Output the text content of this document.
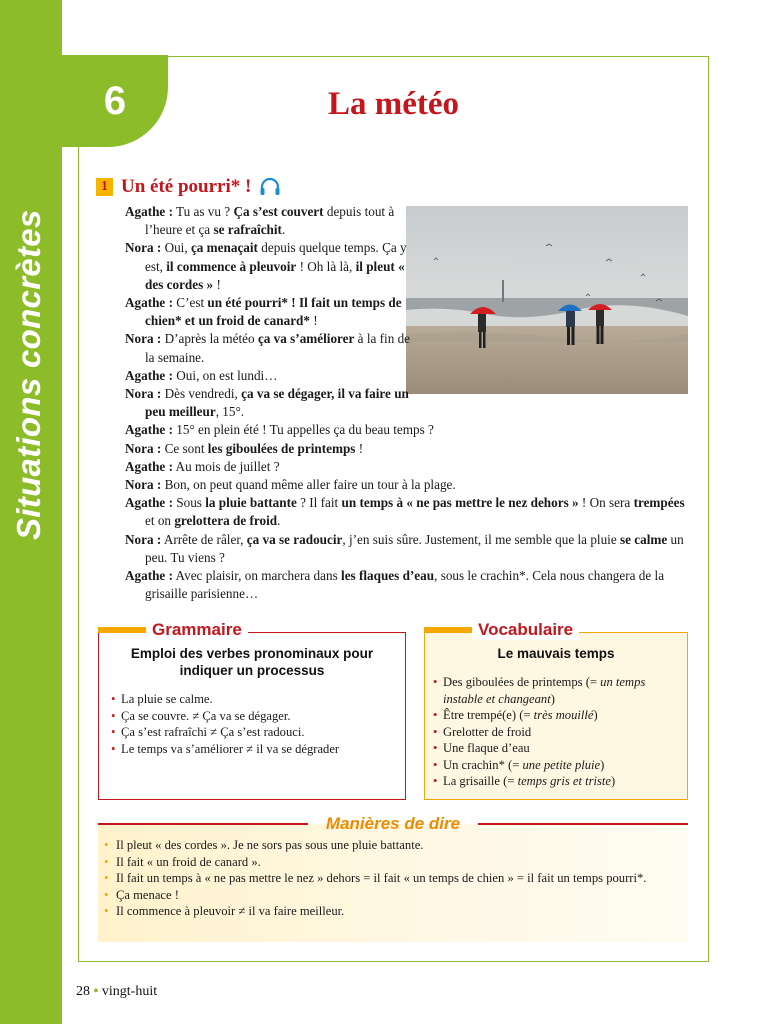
Situations concrètes
6	La météo
1 Un été pourri* !

Agathe : Tu as vu ? Ça s’est couvert depuis tout à l’heure et ça se rafraîchit.

Nora : Oui, ça menaçait depuis quelque temps. Ça y est, il commence à pleuvoir ! Oh là là, il pleut « des cordes » !

Agathe : C’est un été pourri* ! Il fait un temps de chien* et un froid de canard* !

Nora : D’après la météo ça va s’améliorer à la fin de la semaine.

Agathe : Oui, on est lundi…

Nora : Dès vendredi, ça va se dégager, il va faire un peu meilleur, 15°.

Agathe : 15° en plein été ! Tu appelles ça du beau temps ?

Nora : Ce sont les giboulées de printemps !

Agathe : Au mois de juillet ?

Nora : Bon, on peut quand même aller faire un tour à la plage.

Agathe : Sous la pluie battante ? Il fait un temps à « ne pas mettre le nez dehors » ! On sera trempées et on grelottera de froid.

Nora : Arrête de râler, ça va se radoucir, j’en suis sûre. Justement, il me semble que la pluie se calme un peu. Tu viens ?

Agathe : Avec plaisir, on marchera dans les flaques d’eau, sous le crachin*. Cela nous changera de la grisaille parisienne…

Emploi des verbes pronominaux pour indiquer un processus
• La pluie se calme.
• Ça se couvre. ≠ Ça va se dégager.
• Ça s’est rafraîchi ≠ Ça s’est radouci.
• Le temps va s’améliorer ≠ il va se dégrader
Grammaire
Le mauvais temps
• Des giboulées de printemps (= un temps instable et changeant)
• Être trempé(e) (= très mouillé)
• Grelotter de froid
• Une flaque d’eau
• Un crachin* (= une petite pluie)
• La grisaille (= temps gris et triste)
Vocabulaire
Manières de dire
• Il pleut « des cordes ». Je ne sors pas sous une pluie battante.
• Il fait « un froid de canard ».
• Il fait un temps à « ne pas mettre le nez » dehors = il fait « un temps de chien » = il fait un temps pourri*.
• Ça menace !
• Il commence à pleuvoir ≠ il va faire meilleur.
28 • vingt-huit
